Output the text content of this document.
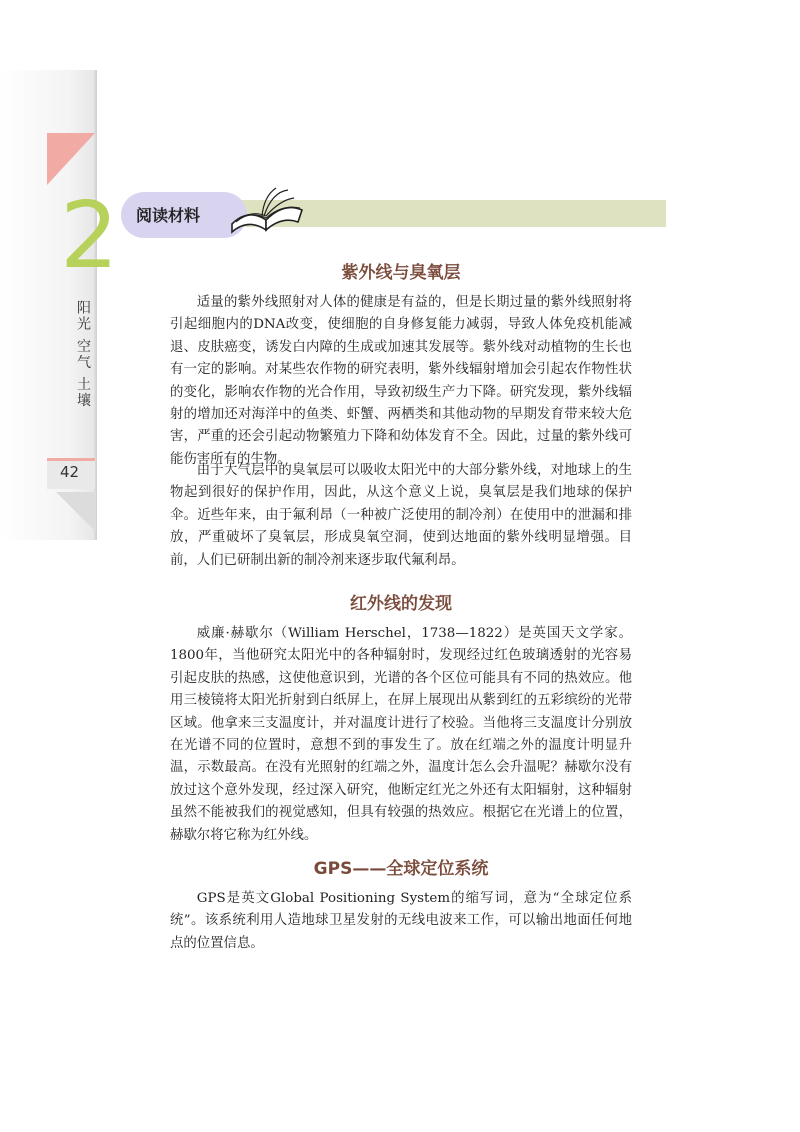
2
阳光 空气 土壤
42
阅读材料
紫外线与臭氧层

适量的紫外线照射对人体的健康是有益的，但是长期过量的紫外线照射将引起细胞内的DNA改变，使细胞的自身修复能力减弱，导致人体免疫机能减退、皮肤癌变，诱发白内障的生成或加速其发展等。紫外线对动植物的生长也有一定的影响。对某些农作物的研究表明，紫外线辐射增加会引起农作物性状的变化，影响农作物的光合作用，导致初级生产力下降。研究发现，紫外线辐射的增加还对海洋中的鱼类、虾蟹、两栖类和其他动物的早期发育带来较大危害，严重的还会引起动物繁殖力下降和幼体发育不全。因此，过量的紫外线可能伤害所有的生物。

由于大气层中的臭氧层可以吸收太阳光中的大部分紫外线，对地球上的生物起到很好的保护作用，因此，从这个意义上说，臭氧层是我们地球的保护伞。近些年来，由于氟利昂（一种被广泛使用的制冷剂）在使用中的泄漏和排放，严重破坏了臭氧层，形成臭氧空洞，使到达地面的紫外线明显增强。目前，人们已研制出新的制冷剂来逐步取代氟利昂。

红外线的发现

威廉·赫歇尔（William Herschel，1738—1822）是英国天文学家。1800年，当他研究太阳光中的各种辐射时，发现经过红色玻璃透射的光容易引起皮肤的热感，这使他意识到，光谱的各个区位可能具有不同的热效应。他用三棱镜将太阳光折射到白纸屏上，在屏上展现出从紫到红的五彩缤纷的光带区域。他拿来三支温度计，并对温度计进行了校验。当他将三支温度计分别放在光谱不同的位置时，意想不到的事发生了。放在红端之外的温度计明显升温，示数最高。在没有光照射的红端之外，温度计怎么会升温呢？赫歇尔没有放过这个意外发现，经过深入研究，他断定红光之外还有太阳辐射，这种辐射虽然不能被我们的视觉感知，但具有较强的热效应。根据它在光谱上的位置，赫歇尔将它称为红外线。

GPS——全球定位系统

GPS是英文Global Positioning System的缩写词，意为“全球定位系统”。该系统利用人造地球卫星发射的无线电波来工作，可以输出地面任何地点的位置信息。
